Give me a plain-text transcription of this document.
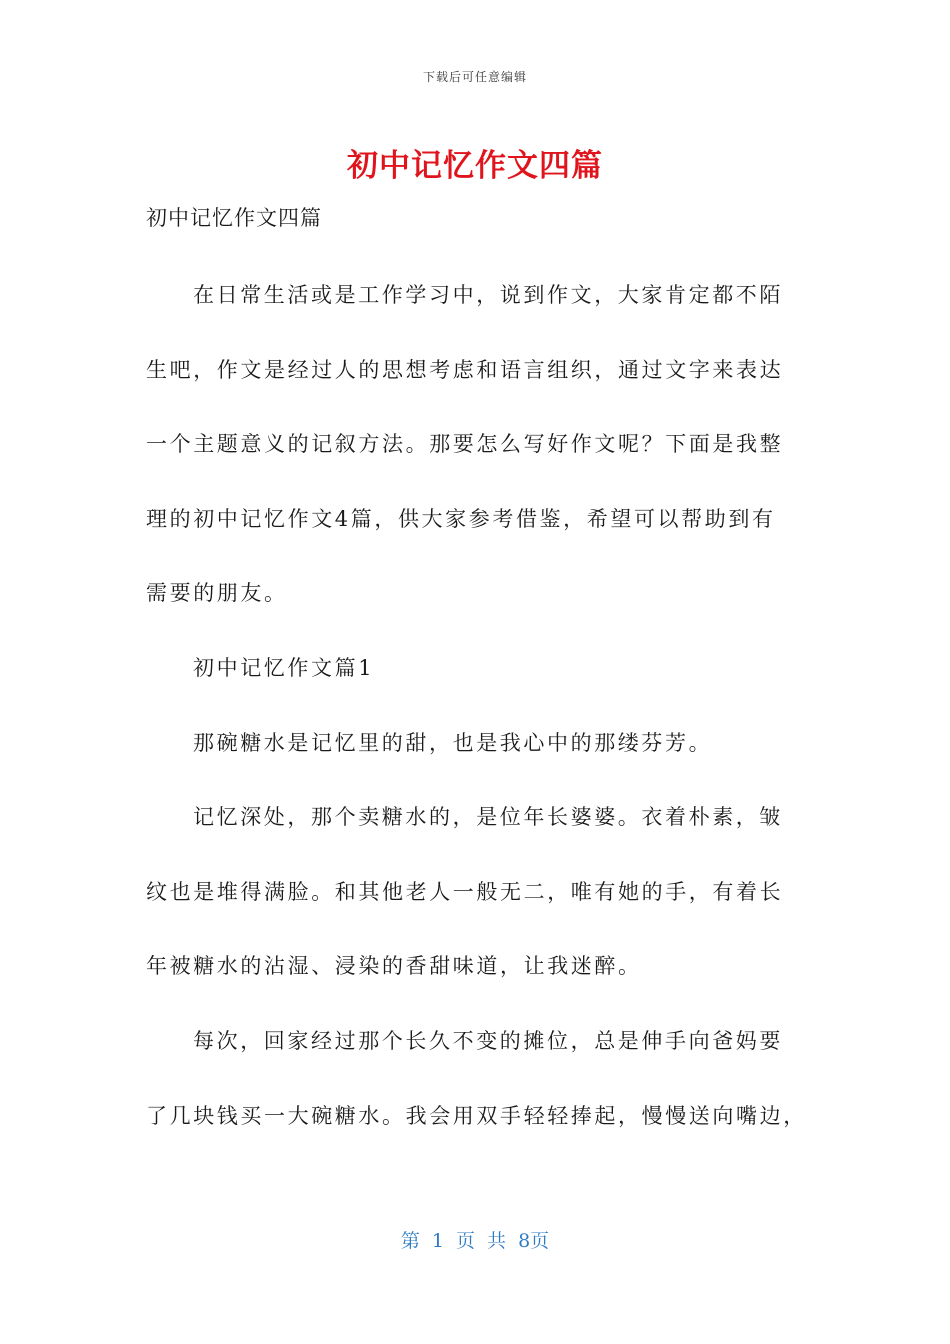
下载后可任意编辑
初中记忆作文四篇
初中记忆作文四篇
在日常生活或是工作学习中，说到作文，大家肯定都不陌
生吧，作文是经过人的思想考虑和语言组织，通过文字来表达
一个主题意义的记叙方法。那要怎么写好作文呢？下面是我整
理的初中记忆作文4篇，供大家参考借鉴，希望可以帮助到有
需要的朋友。
初中记忆作文篇1
那碗糖水是记忆里的甜，也是我心中的那缕芬芳。
记忆深处，那个卖糖水的，是位年长婆婆。衣着朴素，皱
纹也是堆得满脸。和其他老人一般无二，唯有她的手，有着长
年被糖水的沾湿、浸染的香甜味道，让我迷醉。
每次，回家经过那个长久不变的摊位，总是伸手向爸妈要
了几块钱买一大碗糖水。我会用双手轻轻捧起，慢慢送向嘴边，
第 1 页 共 8页
